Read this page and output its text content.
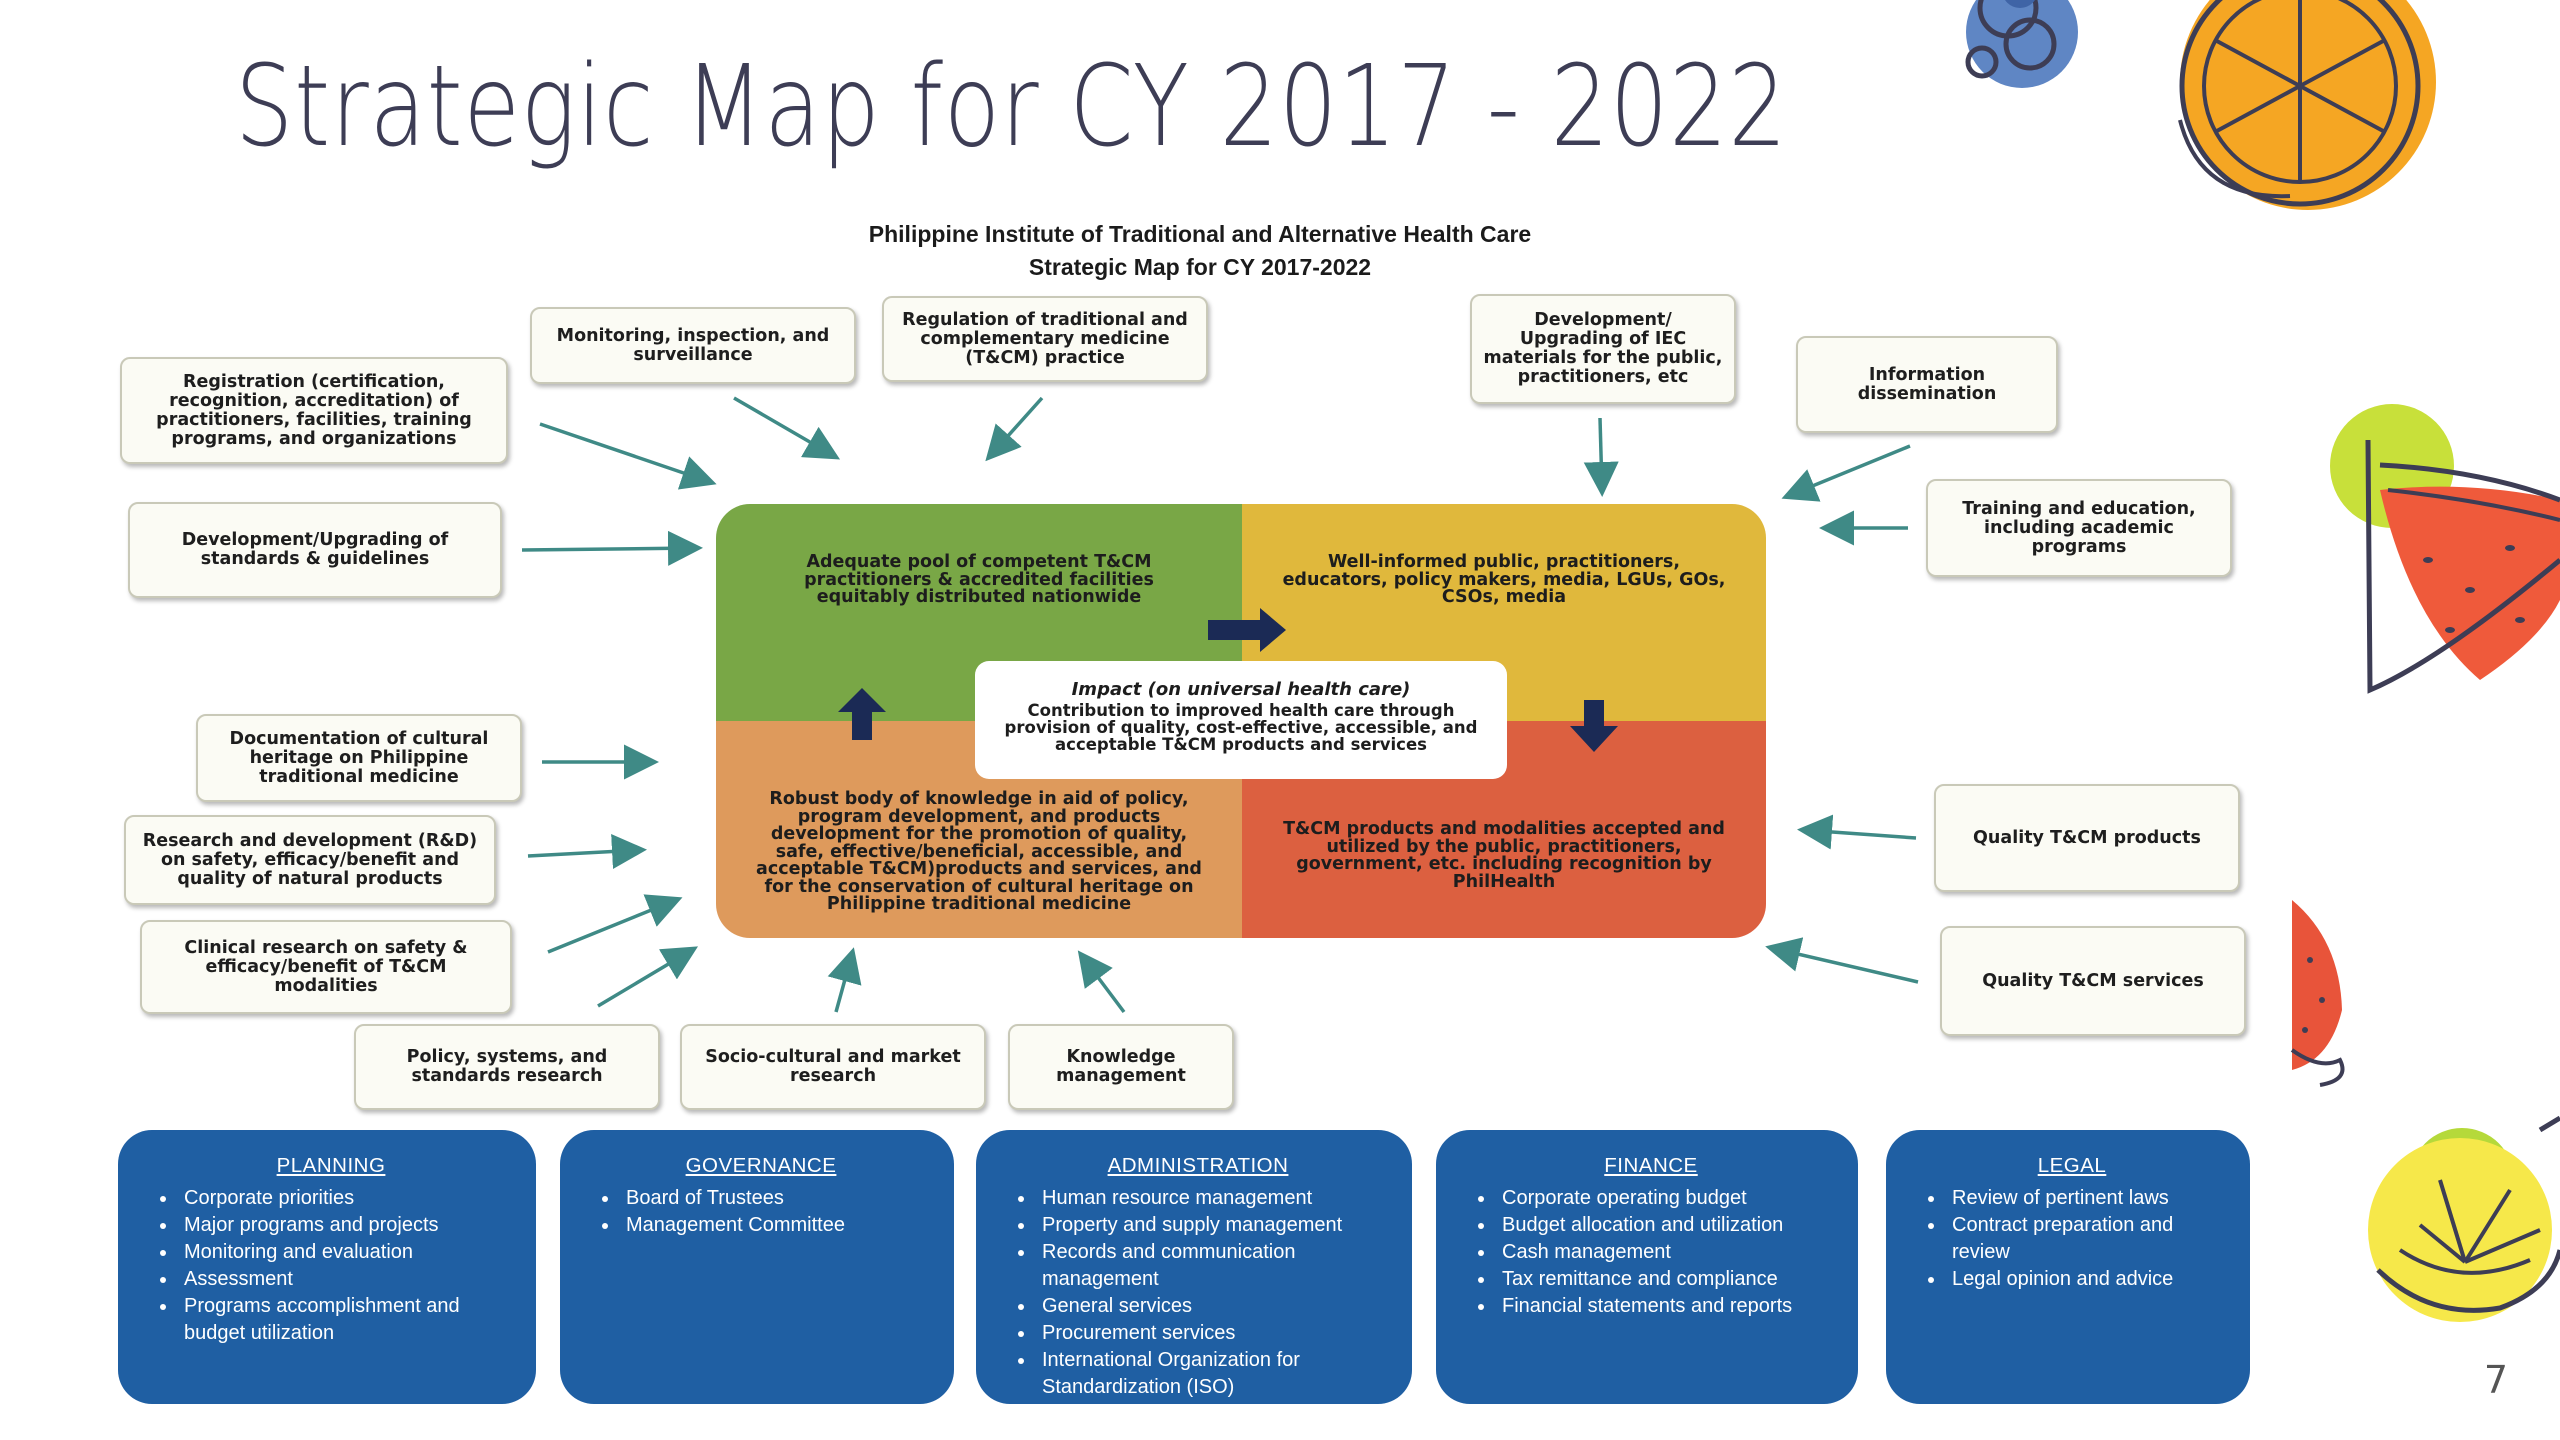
Strategic Map for CY 2017 - 2022
Philippine Institute of Traditional and Alternative Health Care
Strategic Map for CY 2017-2022
Registration (certification, recognition, accreditation) of practitioners, facilities, training programs, and organizations
Monitoring, inspection, and surveillance
Regulation of traditional and complementary medicine (T&CM) practice
Development/ Upgrading of IEC materials for the public, practitioners, etc	Information dissemination
Development/Upgrading of standards & guidelines
Training and education, including academic programs
Documentation of cultural heritage on Philippine traditional medicine
Research and development (R&D) on safety, efficacy/benefit and quality of natural products
Clinical research on safety & efficacy/benefit of T&CM modalities
Policy, systems, and standards research
Socio-cultural and market research
Knowledge management
Quality T&CM products
Quality T&CM services
Adequate pool of competent T&CM practitioners & accredited facilities equitably distributed nationwide
Well-informed public, practitioners, educators, policy makers, media, LGUs, GOs, CSOs, media
Robust body of knowledge in aid of policy, program development, and products development for the promotion of quality, safe, effective/beneficial, accessible, and acceptable T&CM)products and services, and for the conservation of cultural heritage on Philippine traditional medicine
T&CM products and modalities accepted and utilized by the public, practitioners, government, etc. including recognition by PhilHealth
Impact (on universal health care)
Contribution to improved health care through provision of quality, cost-effective, accessible, and acceptable T&CM products and services
PLANNING
• Corporate priorities
• Major programs and projects
• Monitoring and evaluation
• Assessment
• Programs accomplishment and budget utilization
GOVERNANCE
• Board of Trustees
• Management Committee
ADMINISTRATION
• Human resource management
• Property and supply management
• Records and communication management
• General services
• Procurement services
• International Organization for Standardization (ISO)
FINANCE
• Corporate operating budget
• Budget allocation and utilization
• Cash management
• Tax remittance and compliance
• Financial statements and reports
LEGAL
• Review of pertinent laws
• Contract preparation and review
• Legal opinion and advice
7
